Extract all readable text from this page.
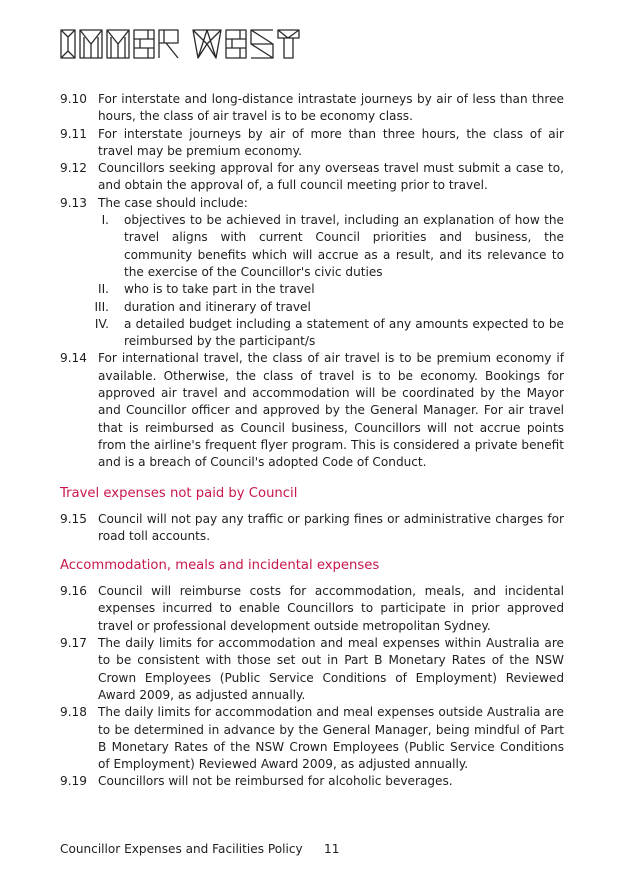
9.10 For interstate and long-distance intrastate journeys by air of less than three hours, the class of air travel is to be economy class.
9.11 For interstate journeys by air of more than three hours, the class of air travel may be premium economy.
9.12 Councillors seeking approval for any overseas travel must submit a case to, and obtain the approval of, a full council meeting prior to travel.
9.13 The case should include:
I.	objectives to be achieved in travel, including an explanation of how the travel aligns with current Council priorities and business, the community benefits which will accrue as a result, and its relevance to the exercise of the Councillor's civic duties
II.	who is to take part in the travel
III.	duration and itinerary of travel
IV.	a detailed budget including a statement of any amounts expected to be reimbursed by the participant/s
9.14 For international travel, the class of air travel is to be premium economy if available. Otherwise, the class of travel is to be economy. Bookings for approved air travel and accommodation will be coordinated by the Mayor and Councillor officer and approved by the General Manager. For air travel that is reimbursed as Council business, Councillors will not accrue points from the airline's frequent flyer program. This is considered a private benefit and is a breach of Council's adopted Code of Conduct.
Travel expenses not paid by Council
9.15 Council will not pay any traffic or parking fines or administrative charges for road toll accounts.
Accommodation, meals and incidental expenses
9.16 Council will reimburse costs for accommodation, meals, and incidental expenses incurred to enable Councillors to participate in prior approved travel or professional development outside metropolitan Sydney.
9.17 The daily limits for accommodation and meal expenses within Australia are to be consistent with those set out in Part B Monetary Rates of the NSW Crown Employees (Public Service Conditions of Employment) Reviewed Award 2009, as adjusted annually.
9.18 The daily limits for accommodation and meal expenses outside Australia are to be determined in advance by the General Manager, being mindful of Part B Monetary Rates of the NSW Crown Employees (Public Service Conditions of Employment) Reviewed Award 2009, as adjusted annually.
9.19 Councillors will not be reimbursed for alcoholic beverages.
Councillor Expenses and Facilities Policy	11
